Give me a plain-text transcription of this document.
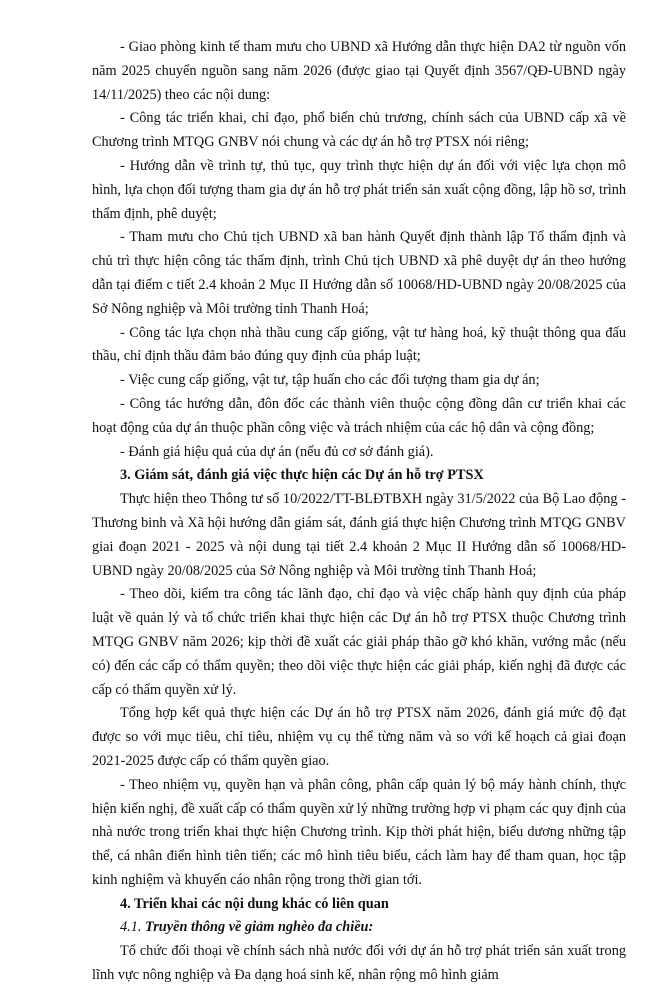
- Giao phòng kinh tế tham mưu cho UBND xã Hướng dẫn thực hiện DA2 từ nguồn vốn năm 2025 chuyển nguồn sang năm 2026 (được giao tại Quyết định 3567/QĐ-UBND ngày 14/11/2025) theo các nội dung:

- Công tác triển khai, chỉ đạo, phổ biến chủ trương, chính sách của UBND cấp xã về Chương trình MTQG GNBV nói chung và các dự án hỗ trợ PTSX nói riêng;

- Hướng dẫn về trình tự, thủ tục, quy trình thực hiện dự án đối với việc lựa chọn mô hình, lựa chọn đối tượng tham gia dự án hỗ trợ phát triển sản xuất cộng đồng, lập hồ sơ, trình thẩm định, phê duyệt;

- Tham mưu cho Chủ tịch UBND xã ban hành Quyết định thành lập Tổ thẩm định và chủ trì thực hiện công tác thẩm định, trình Chủ tịch UBND xã phê duyệt dự án theo hướng dẫn tại điểm c tiết 2.4 khoản 2 Mục II Hướng dẫn số 10068/HD-UBND ngày 20/08/2025 của Sở Nông nghiệp và Môi trường tỉnh Thanh Hoá;

- Công tác lựa chọn nhà thầu cung cấp giống, vật tư hàng hoá, kỹ thuật thông qua đấu thầu, chỉ định thầu đảm bảo đúng quy định của pháp luật;

- Việc cung cấp giống, vật tư, tập huấn cho các đối tượng tham gia dự án;

- Công tác hướng dẫn, đôn đốc các thành viên thuộc cộng đồng dân cư triển khai các hoạt động của dự án thuộc phần công việc và trách nhiệm của các hộ dân và cộng đồng;

- Đánh giá hiệu quả của dự án (nếu đủ cơ sở đánh giá).

3. Giám sát, đánh giá việc thực hiện các Dự án hỗ trợ PTSX

Thực hiện theo Thông tư số 10/2022/TT-BLĐTBXH ngày 31/5/2022 của Bộ Lao động - Thương binh và Xã hội hướng dẫn giám sát, đánh giá thực hiện Chương trình MTQG GNBV giai đoạn 2021 - 2025 và nội dung tại tiết 2.4 khoản 2 Mục II Hướng dẫn số 10068/HD-UBND ngày 20/08/2025 của Sở Nông nghiệp và Môi trường tỉnh Thanh Hoá;

- Theo dõi, kiểm tra công tác lãnh đạo, chỉ đạo và việc chấp hành quy định của pháp luật về quản lý và tổ chức triển khai thực hiện các Dự án hỗ trợ PTSX thuộc Chương trình MTQG GNBV năm 2026; kịp thời đề xuất các giải pháp thão gỡ khó khăn, vướng mắc (nếu có) đến các cấp có thẩm quyền; theo dõi việc thực hiện các giải pháp, kiến nghị đã được các cấp có thẩm quyền xử lý.

Tổng hợp kết quả thực hiện các Dự án hỗ trợ PTSX năm 2026, đánh giá mức độ đạt được so với mục tiêu, chỉ tiêu, nhiệm vụ cụ thể từng năm và so với kế hoạch cả giai đoạn 2021-2025 được cấp có thẩm quyền giao.

- Theo nhiệm vụ, quyền hạn và phân công, phân cấp quản lý bộ máy hành chính, thực hiện kiến nghị, đề xuất cấp có thẩm quyền xử lý những trường hợp vi phạm các quy định của nhà nước trong triển khai thực hiện Chương trình. Kịp thời phát hiện, biểu dương những tập thể, cá nhân điển hình tiên tiến; các mô hình tiêu biểu, cách làm hay để tham quan, học tập kinh nghiệm và khuyến cáo nhân rộng trong thời gian tới.

4. Triển khai các nội dung khác có liên quan

4.1. Truyền thông về giảm nghèo đa chiều:

Tổ chức đối thoại về chính sách nhà nước đối với dự án hỗ trợ phát triển sản xuất trong lĩnh vực nông nghiệp và Đa dạng hoá sinh kế, nhân rộng mô hình giảm
